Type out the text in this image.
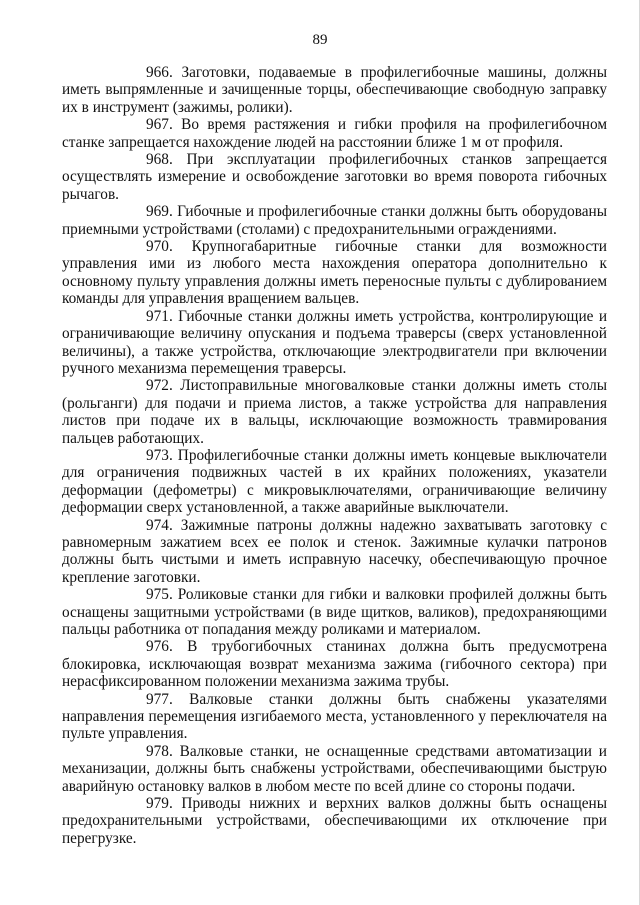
89

966. Заготовки, подаваемые в профилегибочные машины, должны иметь выпрямленные и зачищенные торцы, обеспечивающие свободную заправку их в инструмент (зажимы, ролики).

967. Во время растяжения и гибки профиля на профилегибочном станке запрещается нахождение людей на расстоянии ближе 1 м от профиля.

968. При эксплуатации профилегибочных станков запрещается осуществлять измерение и освобождение заготовки во время поворота гибочных рычагов.

969. Гибочные и профилегибочные станки должны быть оборудованы приемными устройствами (столами) с предохранительными ограждениями.

970. Крупногабаритные гибочные станки для возможности управления ими из любого места нахождения оператора дополнительно к основному пульту управления должны иметь переносные пульты с дублированием команды для управления вращением вальцев.

971. Гибочные станки должны иметь устройства, контролирующие и ограничивающие величину опускания и подъема траверсы (сверх установленной величины), а также устройства, отключающие электродвигатели при включении ручного механизма перемещения траверсы.

972. Листоправильные многовалковые станки должны иметь столы (рольганги) для подачи и приема листов, а также устройства для направления листов при подаче их в вальцы, исключающие возможность травмирования пальцев работающих.

973. Профилегибочные станки должны иметь концевые выключатели для ограничения подвижных частей в их крайних положениях, указатели деформации (дефометры) с микровыключателями, ограничивающие величину деформации сверх установленной, а также аварийные выключатели.

974. Зажимные патроны должны надежно захватывать заготовку с равномерным зажатием всех ее полок и стенок. Зажимные кулачки патронов должны быть чистыми и иметь исправную насечку, обеспечивающую прочное крепление заготовки.

975. Роликовые станки для гибки и валковки профилей должны быть оснащены защитными устройствами (в виде щитков, валиков), предохраняющими пальцы работника от попадания между роликами и материалом.

976. В трубогибочных станинах должна быть предусмотрена блокировка, исключающая возврат механизма зажима (гибочного сектора) при нерасфиксированном положении механизма зажима трубы.

977. Валковые станки должны быть снабжены указателями направления перемещения изгибаемого места, установленного у переключателя на пульте управления.

978. Валковые станки, не оснащенные средствами автоматизации и механизации, должны быть снабжены устройствами, обеспечивающими быструю аварийную остановку валков в любом месте по всей длине со стороны подачи.

979. Приводы нижних и верхних валков должны быть оснащены предохранительными устройствами, обеспечивающими их отключение при перегрузке.
